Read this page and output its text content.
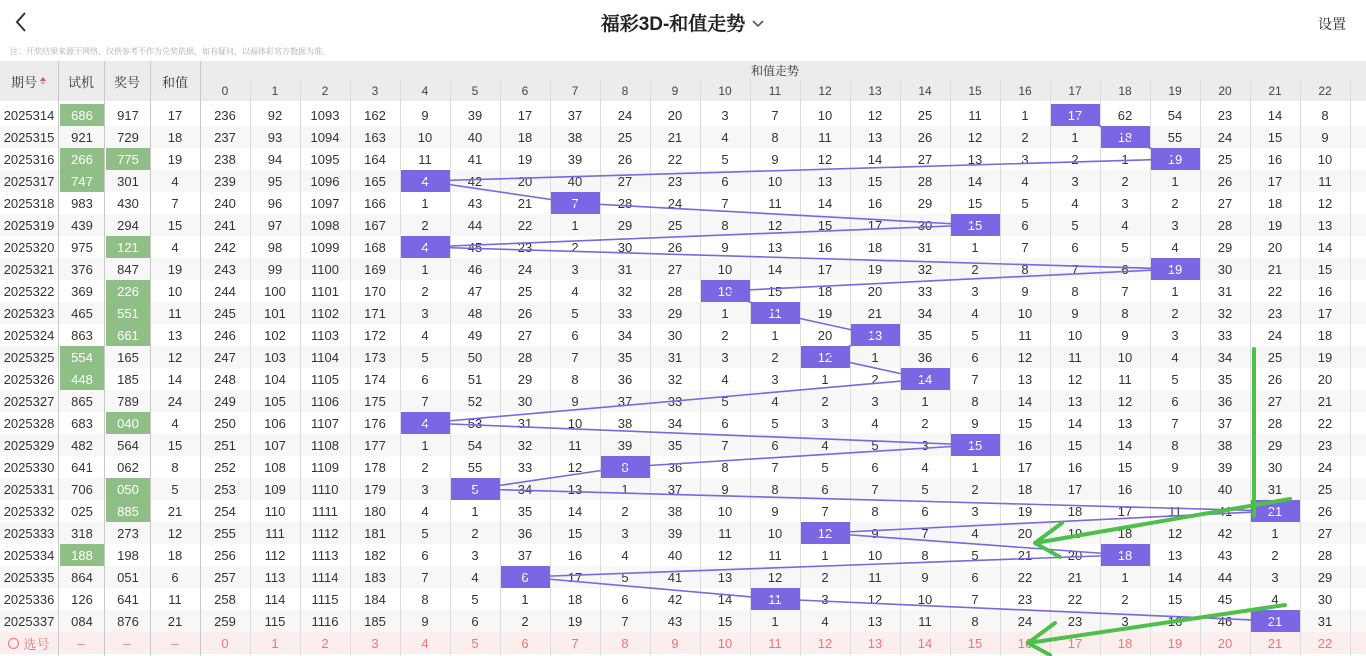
福彩3D-和值走势	设置
注：开奖结果来源于网络，仅供参考不作为兑奖依据，如有疑问，以福体彩官方数据为准。
期号	试机	奖号	和值
和值走势
0	1	2	3	4	5	6	7	8	9	10	11	12	13	14	15	16	17	18	19	20	21	22
2025314	686	917	17	236	92	1093	162	9	39	17	37	24	20	3	7	10	12	25	11	1	17	62	54	23	14	8
2025315	921	729	18	237	93	1094	163	10	40	18	38	25	21	4	8	11	13	26	12	2	1	18	55	24	15	9
2025316	266	775	19	238	94	1095	164	11	41	19	39	26	22	5	9	12	14	27	13	3	2	1	19	25	16	10
2025317	747	301	4	239	95	1096	165	4	42	20	40	27	23	6	10	13	15	28	14	4	3	2	1	26	17	11
2025318	983	430	7	240	96	1097	166	1	43	21	7	28	24	7	11	14	16	29	15	5	4	3	2	27	18	12
2025319	439	294	15	241	97	1098	167	2	44	22	1	29	25	8	12	15	17	30	15	6	5	4	3	28	19	13
2025320	975	121	4	242	98	1099	168	4	45	23	2	30	26	9	13	16	18	31	1	7	6	5	4	29	20	14
2025321	376	847	19	243	99	1100	169	1	46	24	3	31	27	10	14	17	19	32	2	8	7	6	19	30	21	15
2025322	369	226	10	244	100	1101	170	2	47	25	4	32	28	10	15	18	20	33	3	9	8	7	1	31	22	16
2025323	465	551	11	245	101	1102	171	3	48	26	5	33	29	1	11	19	21	34	4	10	9	8	2	32	23	17
2025324	863	661	13	246	102	1103	172	4	49	27	6	34	30	2	1	20	13	35	5	11	10	9	3	33	24	18
2025325	554	165	12	247	103	1104	173	5	50	28	7	35	31	3	2	12	1	36	6	12	11	10	4	34	25	19
2025326	448	185	14	248	104	1105	174	6	51	29	8	36	32	4	3	1	2	14	7	13	12	11	5	35	26	20
2025327	865	789	24	249	105	1106	175	7	52	30	9	37	33	5	4	2	3	1	8	14	13	12	6	36	27	21
2025328	683	040	4	250	106	1107	176	4	53	31	10	38	34	6	5	3	4	2	9	15	14	13	7	37	28	22
2025329	482	564	15	251	107	1108	177	1	54	32	11	39	35	7	6	4	5	3	15	16	15	14	8	38	29	23
2025330	641	062	8	252	108	1109	178	2	55	33	12	8	36	8	7	5	6	4	1	17	16	15	9	39	30	24
2025331	706	050	5	253	109	1110	179	3	5	34	13	1	37	9	8	6	7	5	2	18	17	16	10	40	31	25
2025332	025	885	21	254	110	1111	180	4	1	35	14	2	38	10	9	7	8	6	3	19	18	17	11	41	21	26
2025333	318	273	12	255	111	1112	181	5	2	36	15	3	39	11	10	12	9	7	4	20	19	18	12	42	1	27
2025334	188	198	18	256	112	1113	182	6	3	37	16	4	40	12	11	1	10	8	5	21	20	18	13	43	2	28
2025335	864	051	6	257	113	1114	183	7	4	6	17	5	41	13	12	2	11	9	6	22	21	1	14	44	3	29
2025336	126	641	11	258	114	1115	184	8	5	1	18	6	42	14	11	3	12	10	7	23	22	2	15	45	4	30
2025337	084	876	21	259	115	1116	185	9	6	2	19	7	43	15	1	4	13	11	8	24	23	3	16	46	21	31
选号	–	–	–	0	1	2	3	4	5	6	7	8	9	10	11	12	13	14	15	16	17	18	19	20	21	22
